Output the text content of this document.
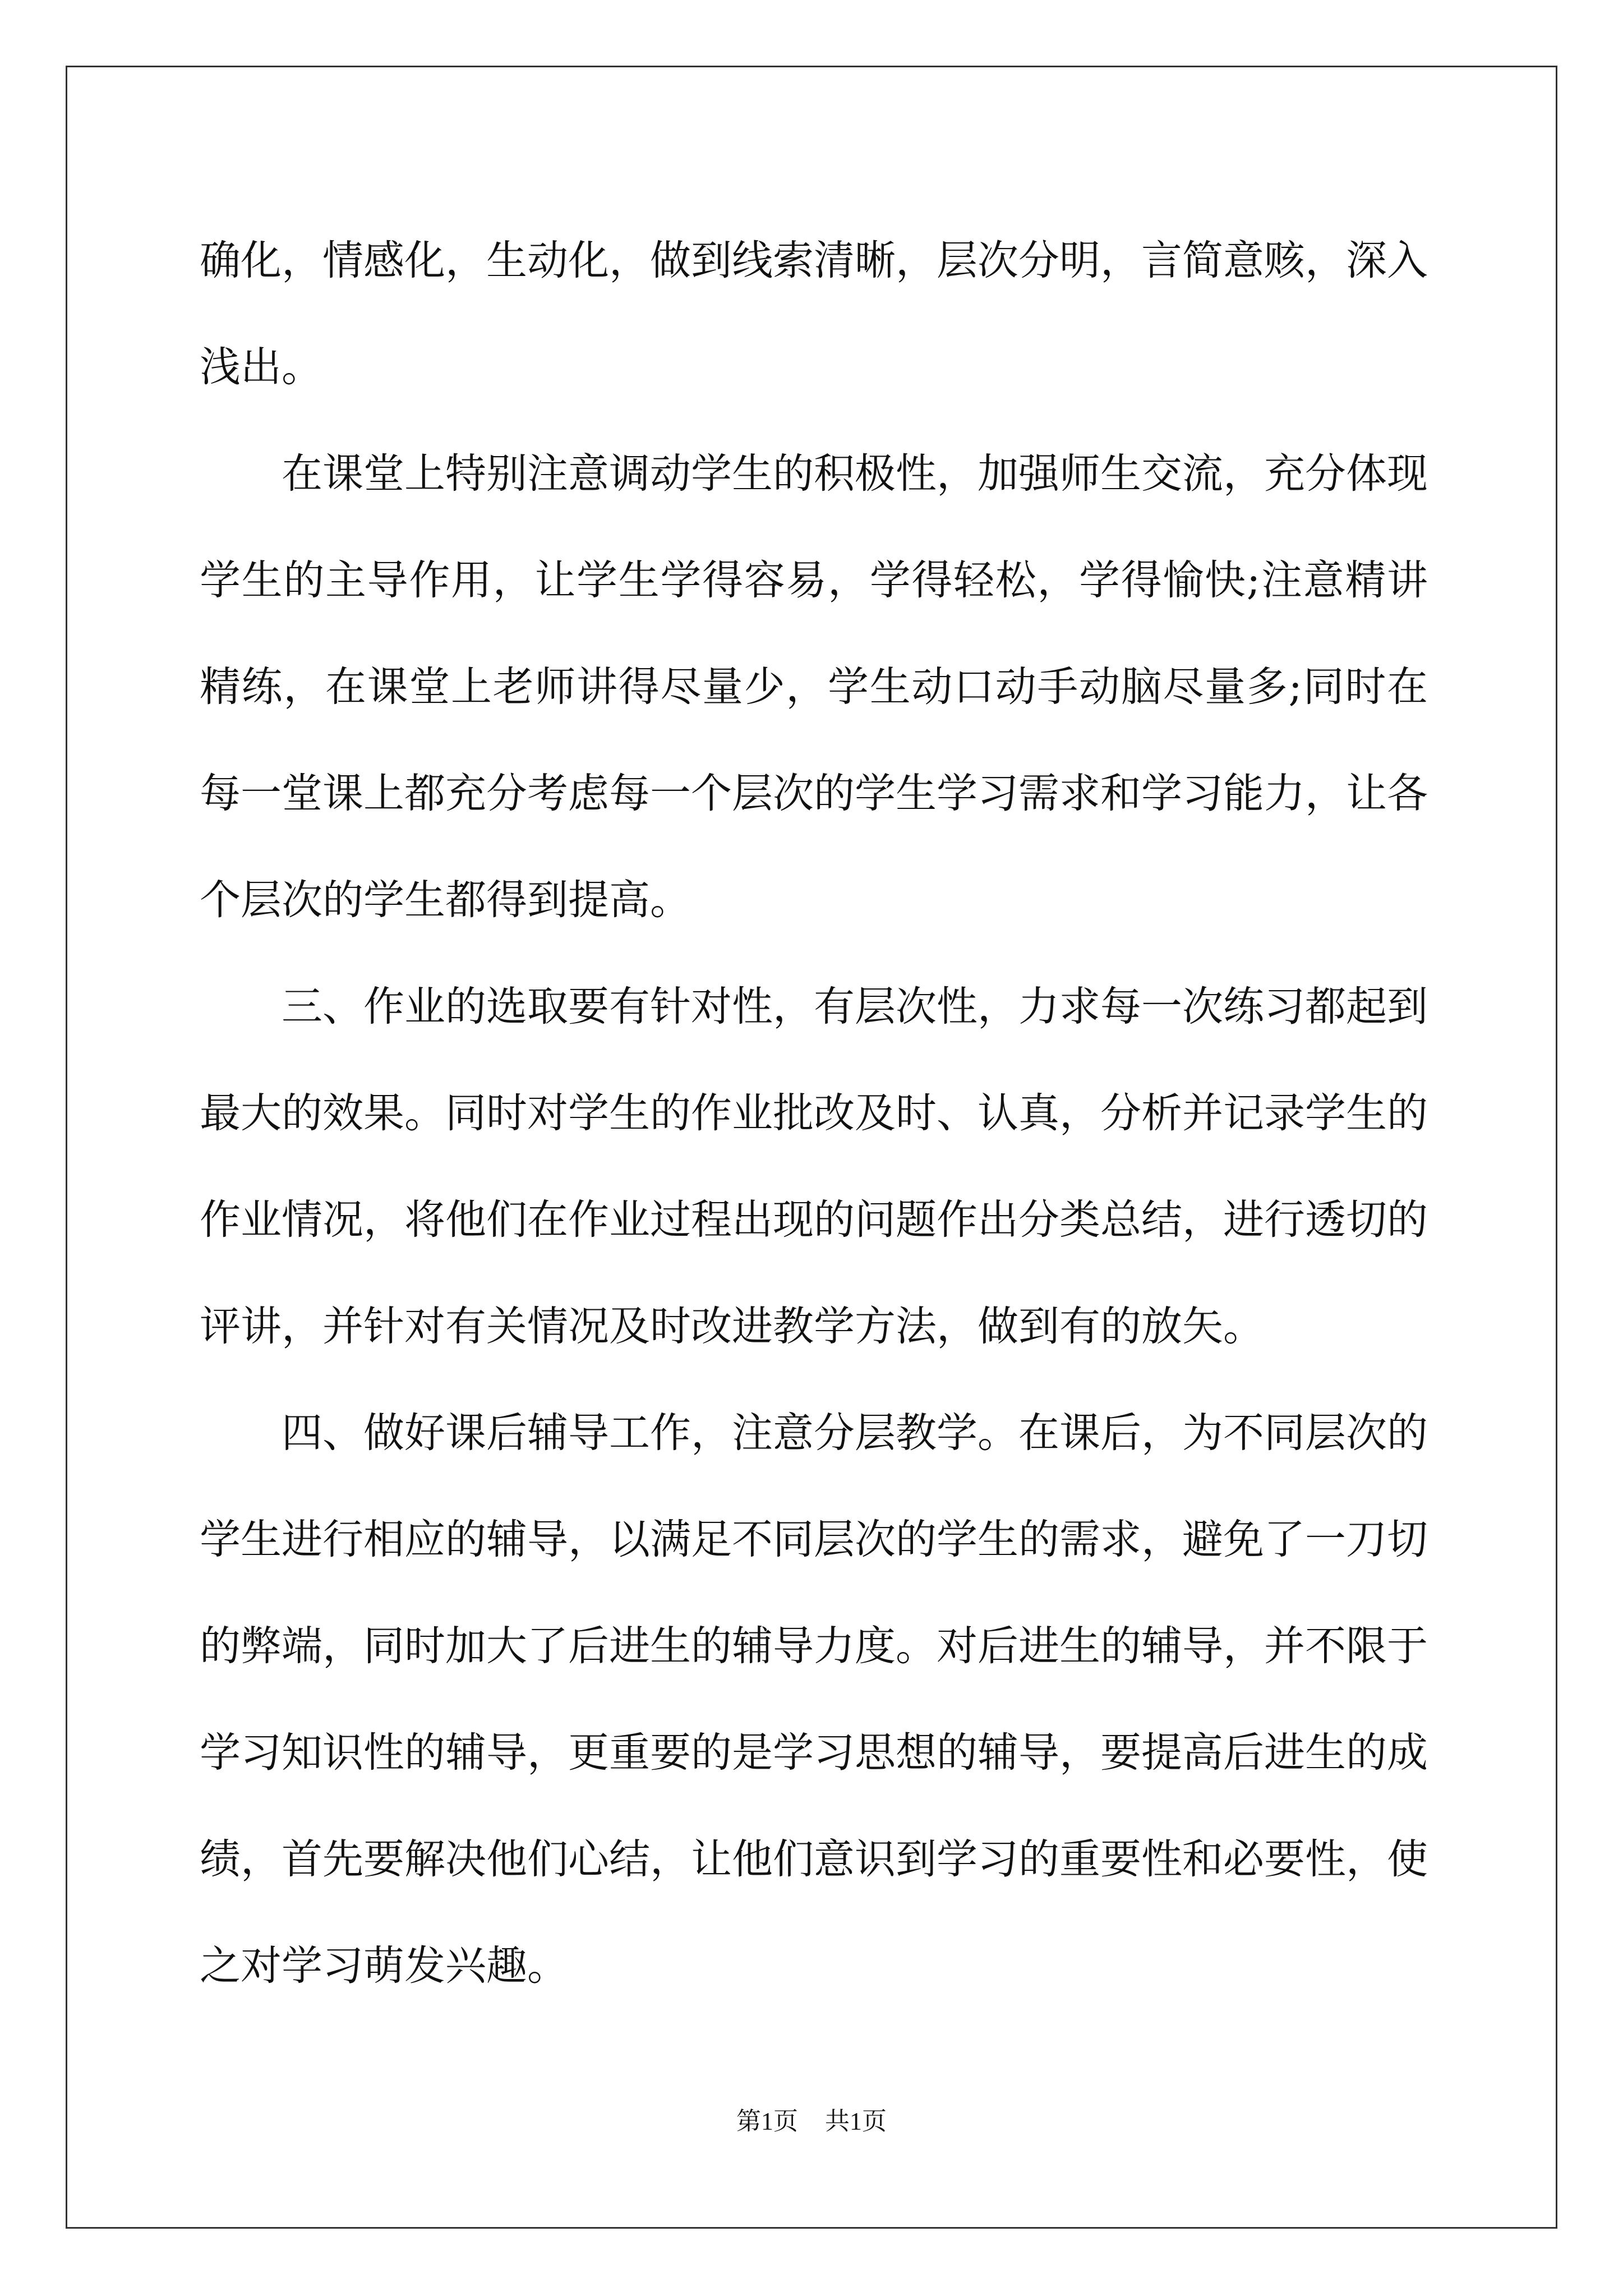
确化，情感化，生动化，做到线索清晰，层次分明，言简意赅，深入浅出。

在课堂上特别注意调动学生的积极性，加强师生交流，充分体现学生的主导作用，让学生学得容易，学得轻松，学得愉快;注意精讲精练，在课堂上老师讲得尽量少，学生动口动手动脑尽量多;同时在每一堂课上都充分考虑每一个层次的学生学习需求和学习能力，让各个层次的学生都得到提高。

三、作业的选取要有针对性，有层次性，力求每一次练习都起到最大的效果。同时对学生的作业批改及时、认真，分析并记录学生的作业情况，将他们在作业过程出现的问题作出分类总结，进行透切的评讲，并针对有关情况及时改进教学方法，做到有的放矢。

四、做好课后辅导工作，注意分层教学。在课后，为不同层次的学生进行相应的辅导，以满足不同层次的学生的需求，避免了一刀切的弊端，同时加大了后进生的辅导力度。对后进生的辅导，并不限于学习知识性的辅导，更重要的是学习思想的辅导，要提高后进生的成绩，首先要解决他们心结，让他们意识到学习的重要性和必要性，使之对学习萌发兴趣。

第1页 共1页
